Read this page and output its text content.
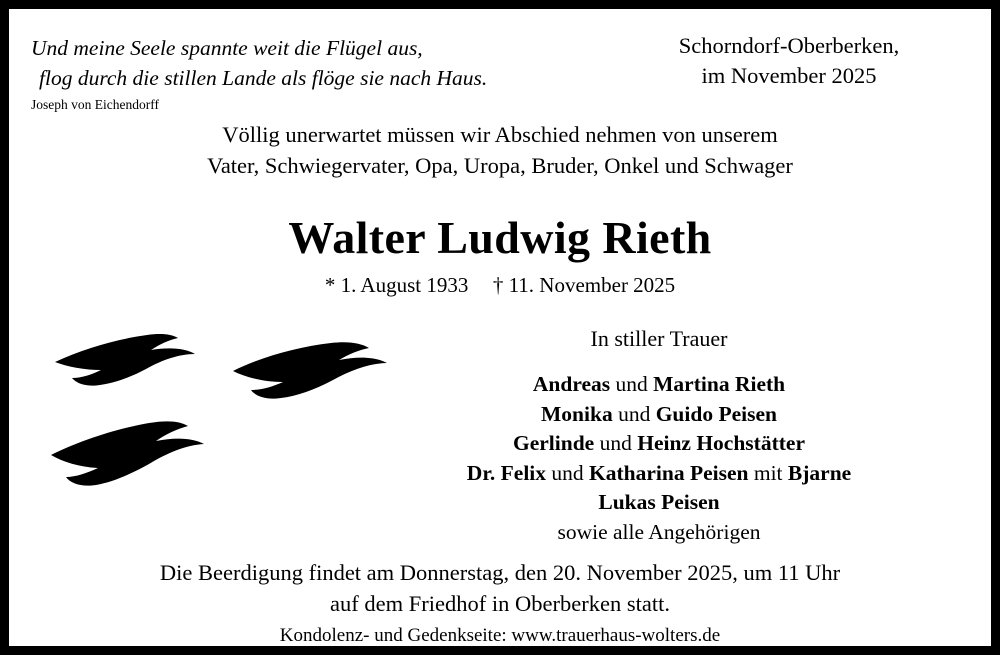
Und meine Seele spannte weit die Flügel aus,
flog durch die stillen Lande als flöge sie nach Haus.
Joseph von Eichendorff
Schorndorf-Oberberken,
im November 2025
Völlig unerwartet müssen wir Abschied nehmen von unserem
Vater, Schwiegervater, Opa, Uropa, Bruder, Onkel und Schwager
Walter Ludwig Rieth
* 1. August 1933 † 11. November 2025
In stiller Trauer
Andreas und Martina Rieth
Monika und Guido Peisen
Gerlinde und Heinz Hochstätter
Dr. Felix und Katharina Peisen mit Bjarne
Lukas Peisen
sowie alle Angehörigen
Die Beerdigung findet am Donnerstag, den 20. November 2025, um 11 Uhr
auf dem Friedhof in Oberberken statt.
Kondolenz- und Gedenkseite: www.trauerhaus-wolters.de
